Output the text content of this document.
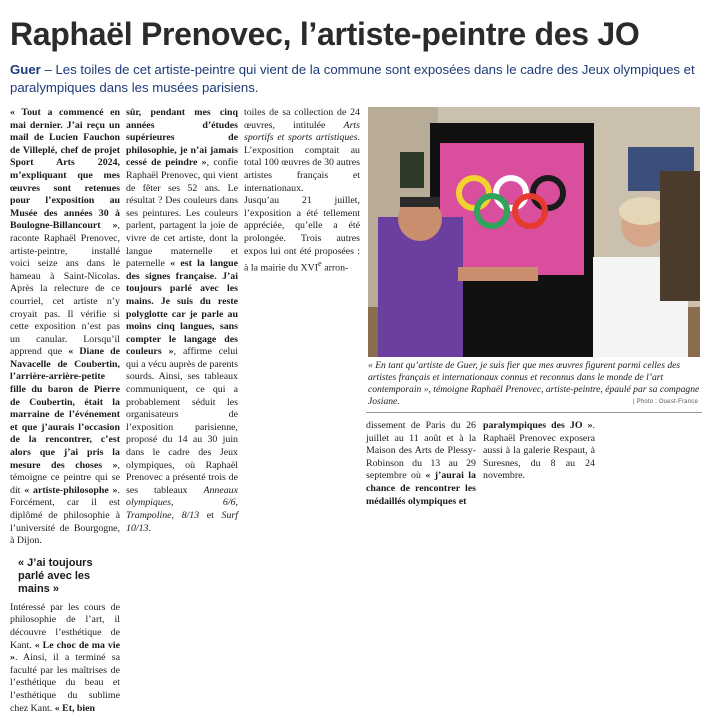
Raphaël Prenovec, l’artiste-peintre des JO
Guer – Les toiles de cet artiste-peintre qui vient de la commune sont exposées dans le cadre des Jeux olympiques et paralympiques dans les musées parisiens.

« Tout a commencé en mai dernier. J’ai reçu un mail de Lucien Fauchon de Villeplé, chef de projet Sport Arts 2024, m’expliquant que mes œuvres sont retenues pour l’exposition au Musée des années 30 à Boulogne-Billancourt », raconte Raphaël Prenovec, artiste-peintre, installé voici seize ans dans le hameau à Saint-Nicolas. Après la relecture de ce courriel, cet artiste n’y croyait pas. Il vérifie si cette exposition n’est pas un canular. Lorsqu’il apprend que « Diane de Navacelle de Coubertin, l’arrière-arrière-petite fille du baron de Pierre de Coubertin, était la marraine de l’événement et que j’aurais l’occasion de la rencontrer, c’est alors que j’ai pris la mesure des choses », témoigne ce peintre qui se dit « artiste-philosophe ». Forcément, car il est diplômé de philosophie à l’université de Bourgogne, à Dijon.

« J’ai toujours parlé avec les mains »

Intéressé par les cours de philosophie de l’art, il découvre l’esthétique de Kant. « Le choc de ma vie ». Ainsi, il a terminé sa faculté par les maîtrises de l’esthétique du beau et l’esthétique du sublime chez Kant. « Et, bien

sûr, pendant mes cinq années d’études supérieures de philosophie, je n’ai jamais cessé de peindre », confie Raphaël Prenovec, qui vient de fêter ses 52 ans. Le résultat ? Des couleurs dans ses peintures. Les couleurs parlent, partagent la joie de vivre de cet artiste, dont la langue maternelle et paternelle « est la langue des signes française. J’ai toujours parlé avec les mains. Je suis du reste polyglotte car je parle au moins cinq langues, sans compter le langage des couleurs », affirme celui qui a vécu auprès de parents sourds. Ainsi, ses tableaux communiquent, ce qui a probablement séduit les organisateurs de l’exposition parisienne, proposé du 14 au 30 juin dans le cadre des Jeux olympiques, où Raphaël Prenovec a présenté trois de ses tableaux Anneaux olympiques, 6/6, Trampoline, 8/13 et Surf 10/13.

toiles de sa collection de 24 œuvres, intitulée Arts sportifs et sports artistiques. L’exposition comptait au total 100 œuvres de 30 autres artistes français et internationaux.

Jusqu’au 21 juillet, l’exposition a été tellement appréciée, qu’elle a été prolongée. Trois autres expos lui ont été proposées : à la mairie du XVIe arron-

« En tant qu’artiste de Guer, je suis fier que mes œuvres figurent parmi celles des artistes français et internationaux connus et reconnus dans le monde de l’art contemporain », témoigne Raphaël Prenovec, artiste-peintre, épaulé par sa compagne Josiane.	| Photo : Ouest-France

dissement de Paris du 26 juillet au 11 août et à la Maison des Arts de Plessy-Robinson du 13 au 29 septembre où « j’aurai la chance de rencontrer les médaillés olympiques et

paralympiques des JO ». Raphaël Prenovec exposera aussi à la galerie Respaut, à Suresnes, du 8 au 24 novembre.
